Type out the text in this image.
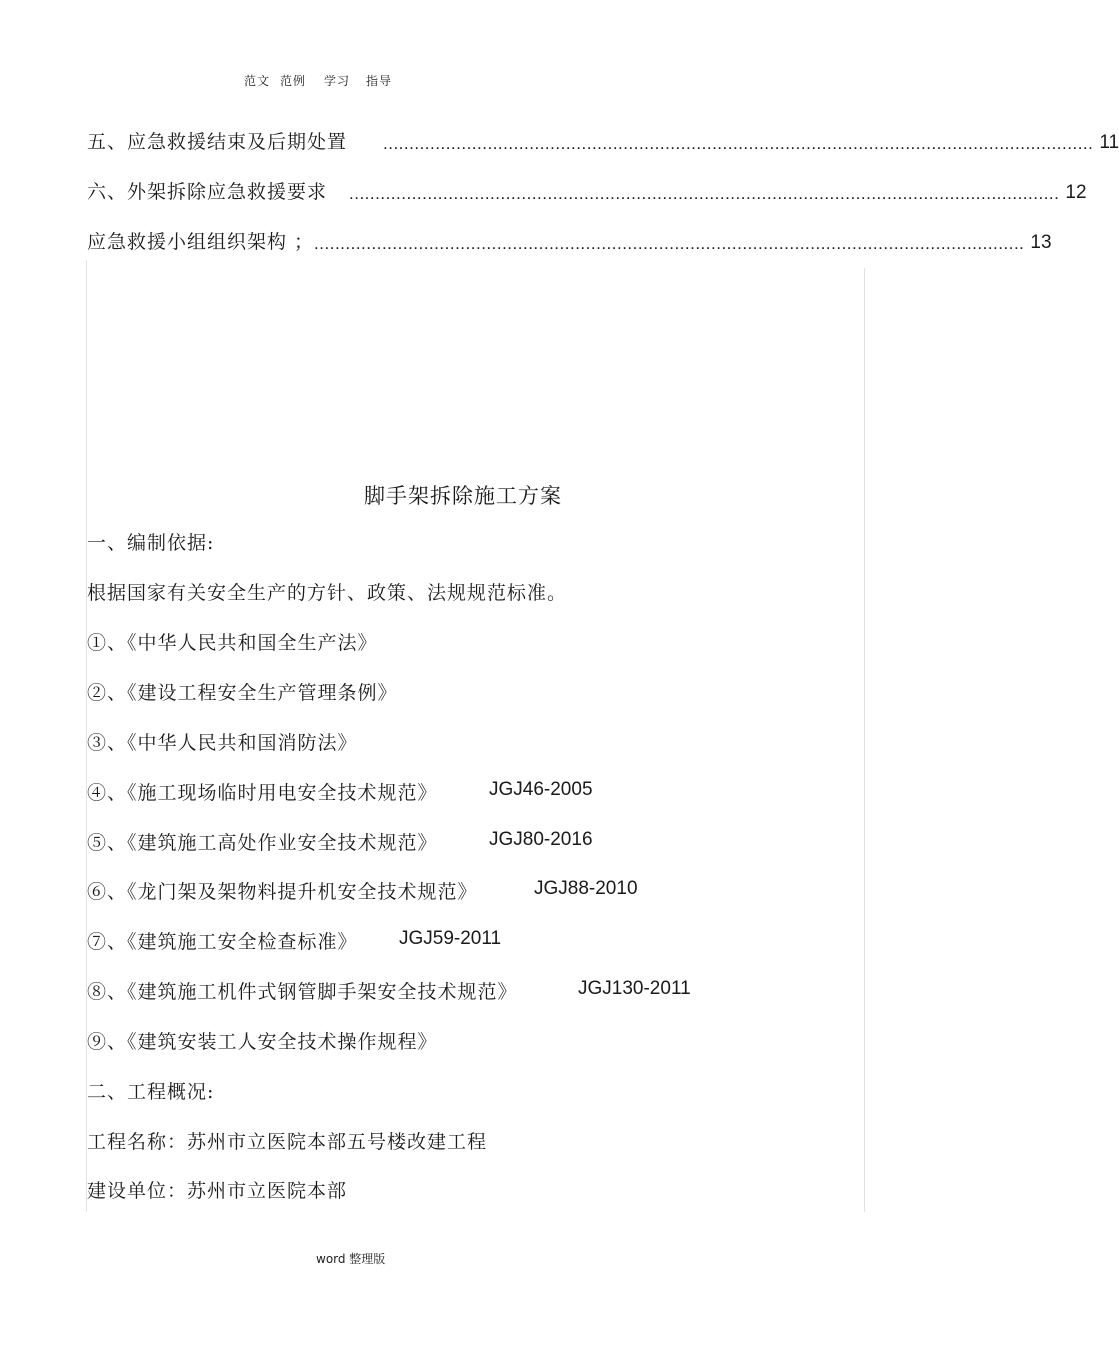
范文 范例 学习 指导
五、应急救援结束及后期处置 ........................................................................................................................................ 11
六、外架拆除应急救援要求 ........................................................................................................................................ 12
应急救援小组组织架构 ； ........................................................................................................................................ 13
脚手架拆除施工方案
一、编制依据:
根据国家有关安全生产的方针、政策、法规规范标准。
①、《中华人民共和国全生产法》
②、《建设工程安全生产管理条例》
③、《中华人民共和国消防法》
④、《施工现场临时用电安全技术规范》	JGJ46-2005
⑤、《建筑施工高处作业安全技术规范》	JGJ80-2016
⑥、《龙门架及架物料提升机安全技术规范》	JGJ88-2010
⑦、《建筑施工安全检查标准》 JGJ59-2011
⑧、《建筑施工机件式钢管脚手架安全技术规范》	JGJ130-2011
⑨、《建筑安装工人安全技术操作规程》
二、工程概况:
工程名称：苏州市立医院本部五号楼改建工程
建设单位：苏州市立医院本部
word 整理版
